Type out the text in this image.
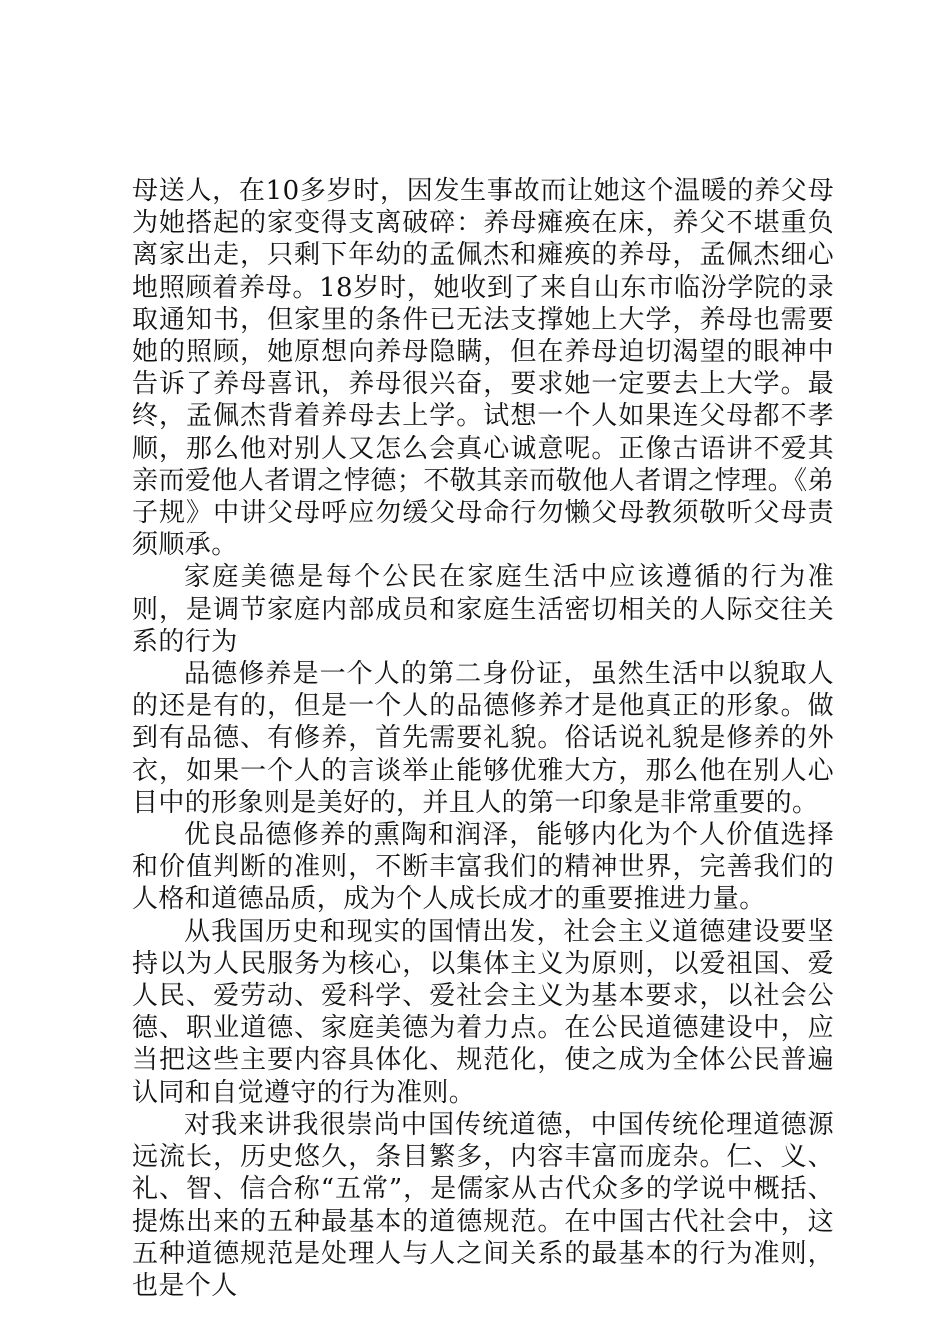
母送人，在10多岁时，因发生事故而让她这个温暖的养父母为她搭起的家变得支离破碎：养母瘫痪在床，养父不堪重负离家出走，只剩下年幼的孟佩杰和瘫痪的养母，孟佩杰细心地照顾着养母。18岁时，她收到了来自山东市临汾学院的录取通知书，但家里的条件已无法支撑她上大学，养母也需要她的照顾，她原想向养母隐瞒，但在养母迫切渴望的眼神中告诉了养母喜讯，养母很兴奋，要求她一定要去上大学。最终，孟佩杰背着养母去上学。试想一个人如果连父母都不孝顺，那么他对别人又怎么会真心诚意呢。正像古语讲不爱其亲而爱他人者谓之悖德；不敬其亲而敬他人者谓之悖理。《弟子规》中讲父母呼应勿缓父母命行勿懒父母教须敬听父母责须顺承。

家庭美德是每个公民在家庭生活中应该遵循的行为准则，是调节家庭内部成员和家庭生活密切相关的人际交往关系的行为

品德修养是一个人的第二身份证，虽然生活中以貌取人的还是有的，但是一个人的品德修养才是他真正的形象。做到有品德、有修养，首先需要礼貌。俗话说礼貌是修养的外衣，如果一个人的言谈举止能够优雅大方，那么他在别人心目中的形象则是美好的，并且人的第一印象是非常重要的。

优良品德修养的熏陶和润泽，能够内化为个人价值选择和价值判断的准则，不断丰富我们的精神世界，完善我们的人格和道德品质，成为个人成长成才的重要推进力量。

从我国历史和现实的国情出发，社会主义道德建设要坚持以为人民服务为核心，以集体主义为原则，以爱祖国、爱人民、爱劳动、爱科学、爱社会主义为基本要求，以社会公德、职业道德、家庭美德为着力点。在公民道德建设中，应当把这些主要内容具体化、规范化，使之成为全体公民普遍认同和自觉遵守的行为准则。

对我来讲我很崇尚中国传统道德，中国传统伦理道德源远流长，历史悠久，条目繁多，内容丰富而庞杂。仁、义、礼、智、信合称“五常”，是儒家从古代众多的学说中概括、提炼出来的五种最基本的道德规范。在中国古代社会中，这五种道德规范是处理人与人之间关系的最基本的行为准则，也是个人
